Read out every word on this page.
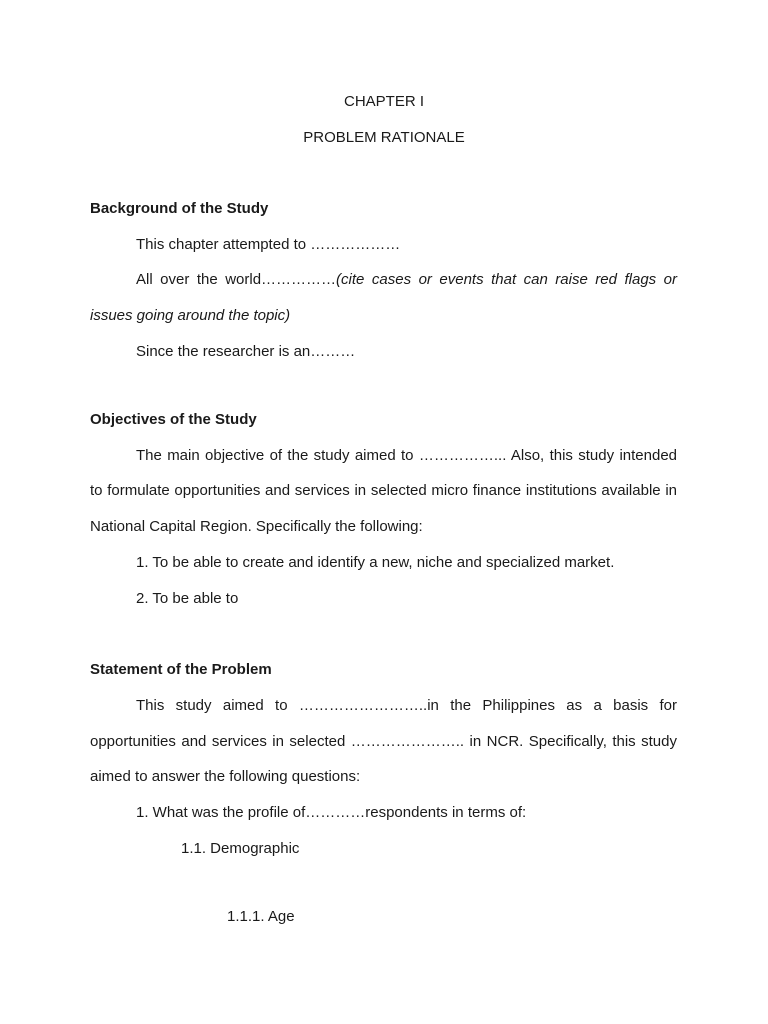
CHAPTER I
PROBLEM RATIONALE
Background of the Study
This chapter attempted to ………………
All over the world……………(cite cases or events that can raise red flags or
issues going around the topic)
Since the researcher is an………
Objectives of the Study
The main objective of the study aimed to ……………... Also, this study intended
to formulate opportunities and services in selected micro finance institutions available in
National Capital Region. Specifically the following:
1. To be able to create and identify a new, niche and specialized market.
2. To be able to
Statement of the Problem
This study aimed to ……………………..in the Philippines as a basis for
opportunities and services in selected ………………….. in NCR. Specifically, this study
aimed to answer the following questions:
1. What was the profile of…………respondents in terms of:
1.1. Demographic
1.1.1. Age
